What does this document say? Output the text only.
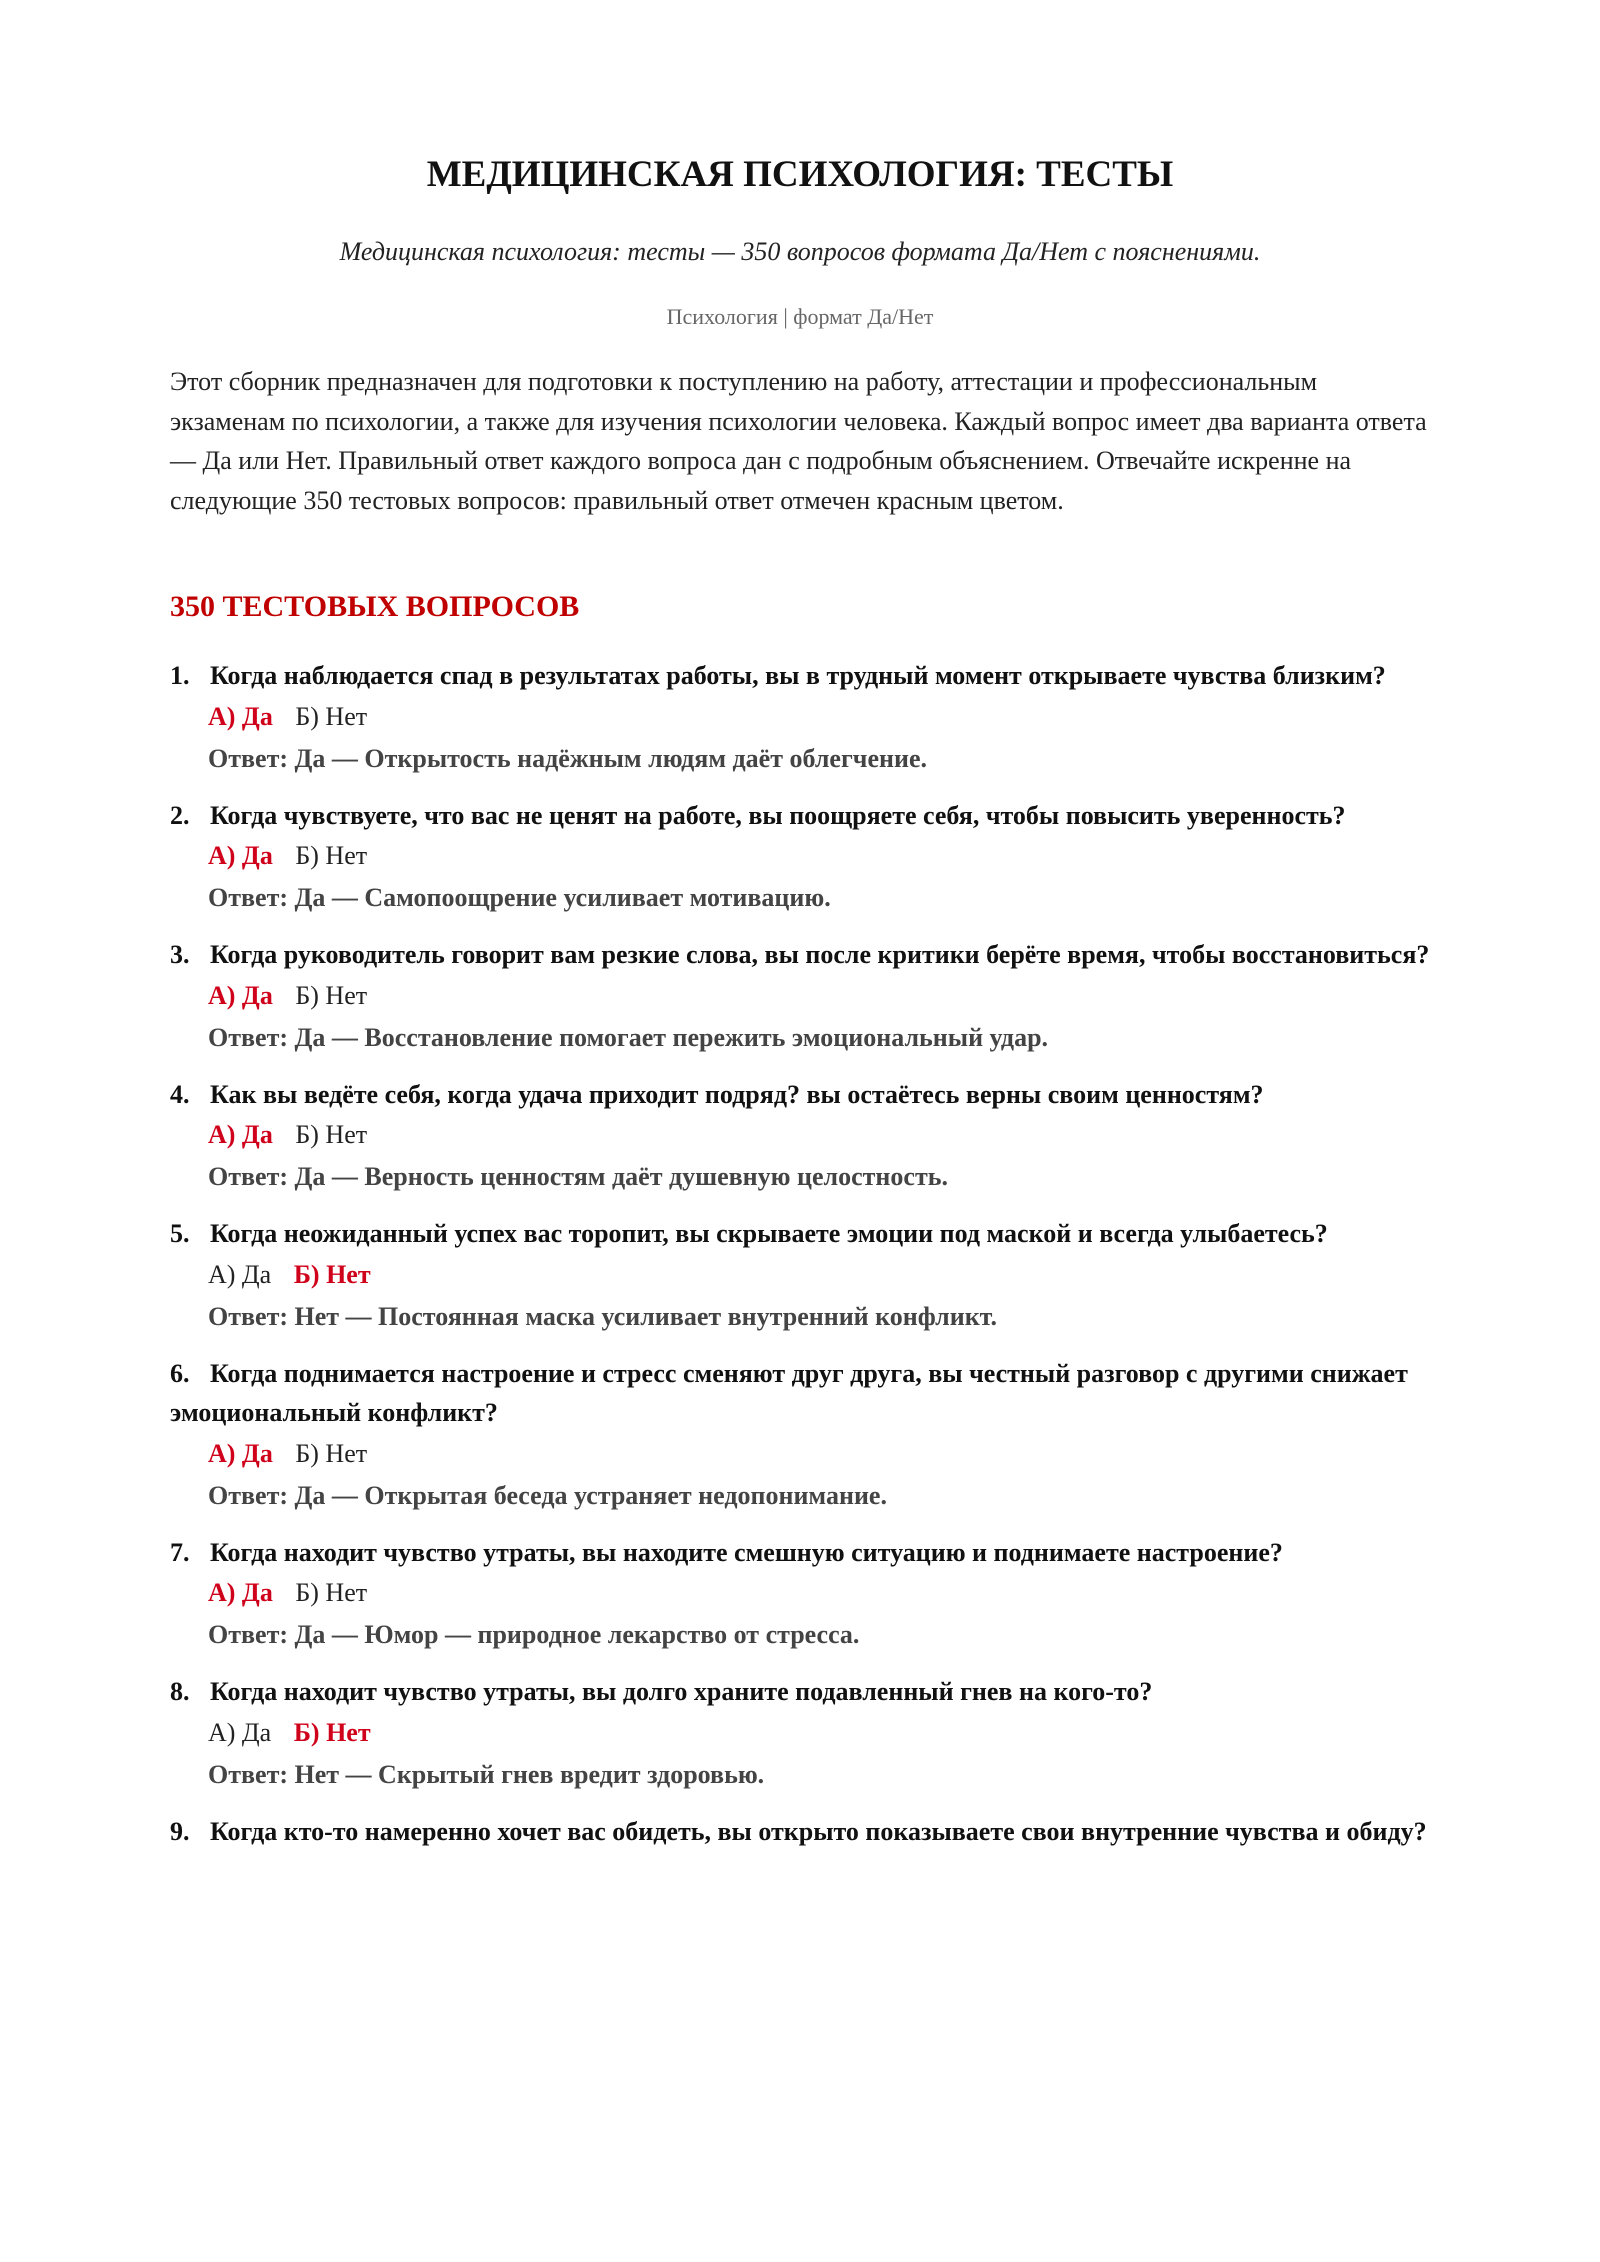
МЕДИЦИНСКАЯ ПСИХОЛОГИЯ: ТЕСТЫ
Медицинская психология: тесты — 350 вопросов формата Да/Нет с пояснениями.
Психология | формат Да/Нет

Этот сборник предназначен для подготовки к поступлению на работу, аттестации и профессиональным экзаменам по психологии, а также для изучения психологии человека. Каждый вопрос имеет два варианта ответа — Да или Нет. Правильный ответ каждого вопроса дан с подробным объяснением. Отвечайте искренне на следующие 350 тестовых вопросов: правильный ответ отмечен красным цветом.

350 ТЕСТОВЫХ ВОПРОСОВ
1. Когда наблюдается спад в результатах работы, вы в трудный момент открываете чувства близким?
А) Да Б) Нет
Ответ: Да — Открытость надёжным людям даёт облегчение.
2. Когда чувствуете, что вас не ценят на работе, вы поощряете себя, чтобы повысить уверенность?
А) Да Б) Нет
Ответ: Да — Самопоощрение усиливает мотивацию.
3. Когда руководитель говорит вам резкие слова, вы после критики берёте время, чтобы восстановиться?
А) Да Б) Нет
Ответ: Да — Восстановление помогает пережить эмоциональный удар.
4. Как вы ведёте себя, когда удача приходит подряд? вы остаётесь верны своим ценностям?
А) Да Б) Нет
Ответ: Да — Верность ценностям даёт душевную целостность.
5. Когда неожиданный успех вас торопит, вы скрываете эмоции под маской и всегда улыбаетесь?
А) Да Б) Нет
Ответ: Нет — Постоянная маска усиливает внутренний конфликт.
6. Когда поднимается настроение и стресс сменяют друг друга, вы честный разговор с другими снижает эмоциональный конфликт?
А) Да Б) Нет
Ответ: Да — Открытая беседа устраняет недопонимание.
7. Когда находит чувство утраты, вы находите смешную ситуацию и поднимаете настроение?
А) Да Б) Нет
Ответ: Да — Юмор — природное лекарство от стресса.
8. Когда находит чувство утраты, вы долго храните подавленный гнев на кого-то?
А) Да Б) Нет
Ответ: Нет — Скрытый гнев вредит здоровью.
9. Когда кто-то намеренно хочет вас обидеть, вы открыто показываете свои внутренние чувства и обиду?
